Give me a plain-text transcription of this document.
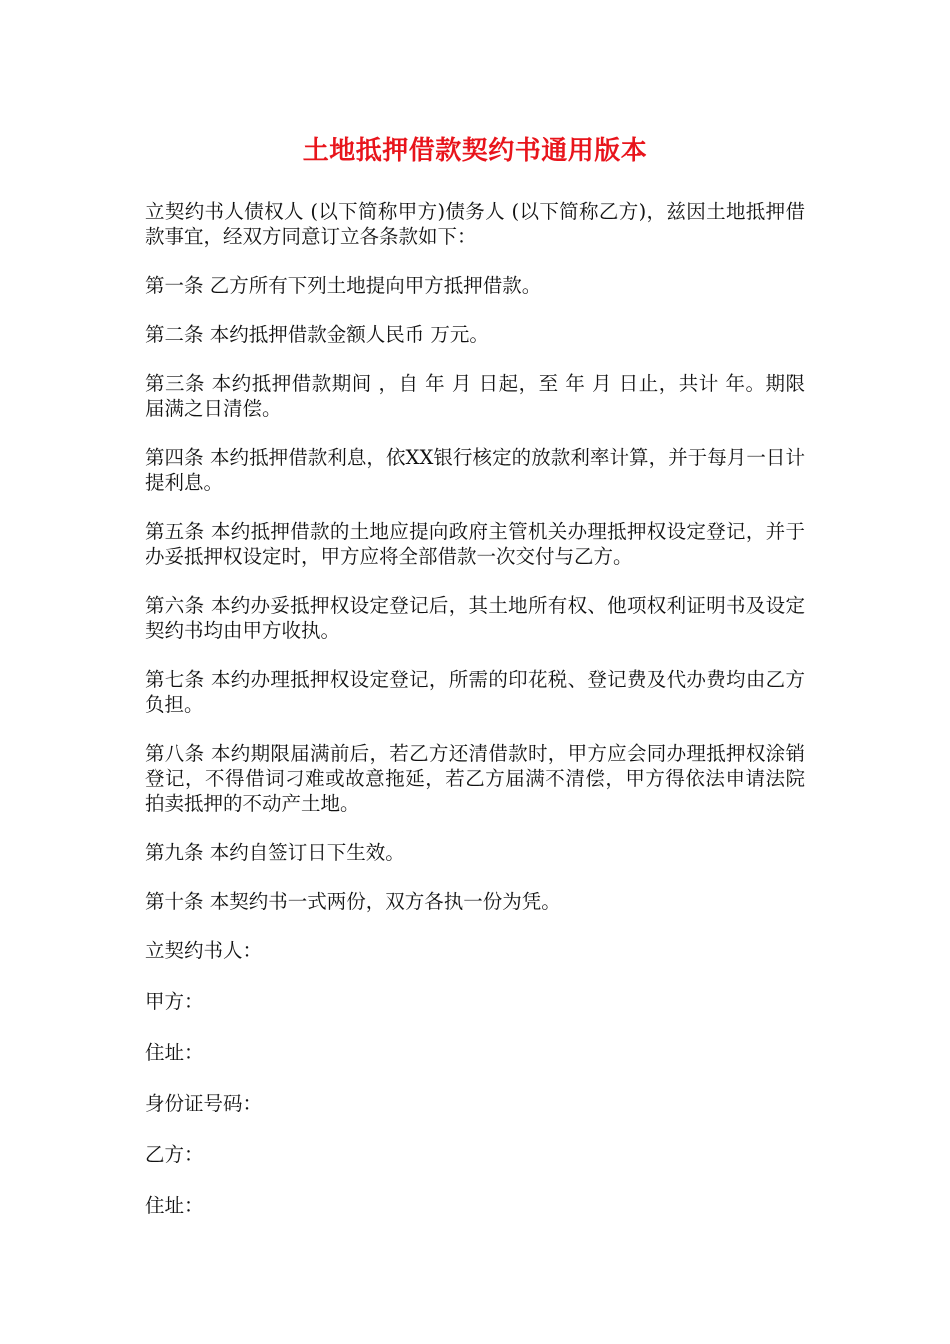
土地抵押借款契约书通用版本

立契约书人债权人 (以下简称甲方)债务人 (以下简称乙方)，兹因土地抵押借款事宜，经双方同意订立各条款如下：

第一条 乙方所有下列土地提向甲方抵押借款。

第二条 本约抵押借款金额人民币 万元。

第三条 本约抵押借款期间 ，自 年 月 日起，至 年 月 日止，共计 年。期限届满之日清偿。

第四条 本约抵押借款利息，依XX银行核定的放款利率计算，并于每月一日计提利息。

第五条 本约抵押借款的土地应提向政府主管机关办理抵押权设定登记，并于办妥抵押权设定时，甲方应将全部借款一次交付与乙方。

第六条 本约办妥抵押权设定登记后，其土地所有权、他项权利证明书及设定契约书均由甲方收执。

第七条 本约办理抵押权设定登记，所需的印花税、登记费及代办费均由乙方负担。

第八条 本约期限届满前后，若乙方还清借款时，甲方应会同办理抵押权涂销登记，不得借词刁难或故意拖延，若乙方届满不清偿，甲方得依法申请法院拍卖抵押的不动产土地。

第九条 本约自签订日下生效。

第十条 本契约书一式两份，双方各执一份为凭。

立契约书人：

甲方：

住址：

身份证号码：

乙方：

住址：
